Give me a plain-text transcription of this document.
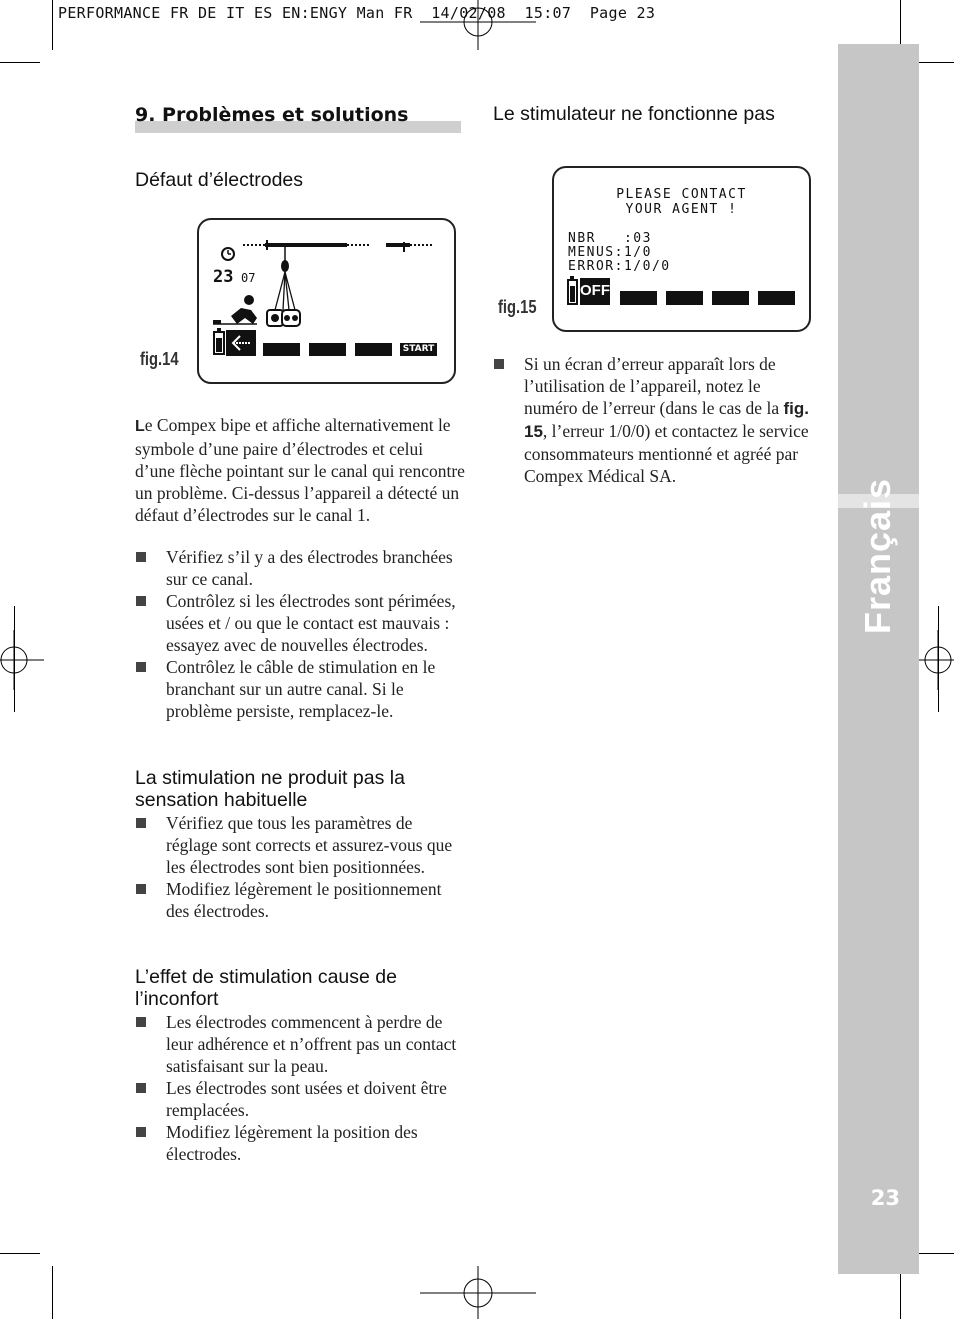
PERFORMANCE FR DE IT ES EN:ENGY Man FR  14/02/08  15:07  Page 23
Français
23
9. Problèmes et solutions
Défaut d’électrodes
fig.14
23 07
START
Le Compex bipe et affiche alternativement le symbole d’une paire d’électrodes et celui d’une flèche pointant sur le canal qui rencontre un problème. Ci-dessus l’appareil a détecté un défaut d’électrodes sur le canal 1.
Vérifiez s’il y a des électrodes branchées sur ce canal.
Contrôlez si les électrodes sont périmées, usées et / ou que le contact est mauvais : essayez avec de nouvelles électrodes.
Contrôlez le câble de stimulation en le branchant sur un autre canal. Si le problème persiste, remplacez-le.
La stimulation ne produit pas la sensation habituelle
Vérifiez que tous les paramètres de réglage sont corrects et assurez-vous que les électrodes sont bien positionnées.
Modifiez légèrement le positionnement des électrodes.
L’effet de stimulation cause de l’inconfort
Les électrodes commencent à perdre de leur adhérence et n’offrent pas un contact satisfaisant sur la peau.
Les électrodes sont usées et doivent être remplacées.
Modifiez légèrement la position des électrodes.
Le stimulateur ne fonctionne pas
fig.15
PLEASE CONTACT
YOUR AGENT !
NBR   :03
MENUS:1/0
ERROR:1/0/0
OFF
Si un écran d’erreur apparaît lors de l’utilisation de l’appareil, notez le numéro de l’erreur (dans le cas de la fig. 15, l’erreur 1/0/0) et contactez le service consommateurs mentionné et agréé par Compex Médical SA.
